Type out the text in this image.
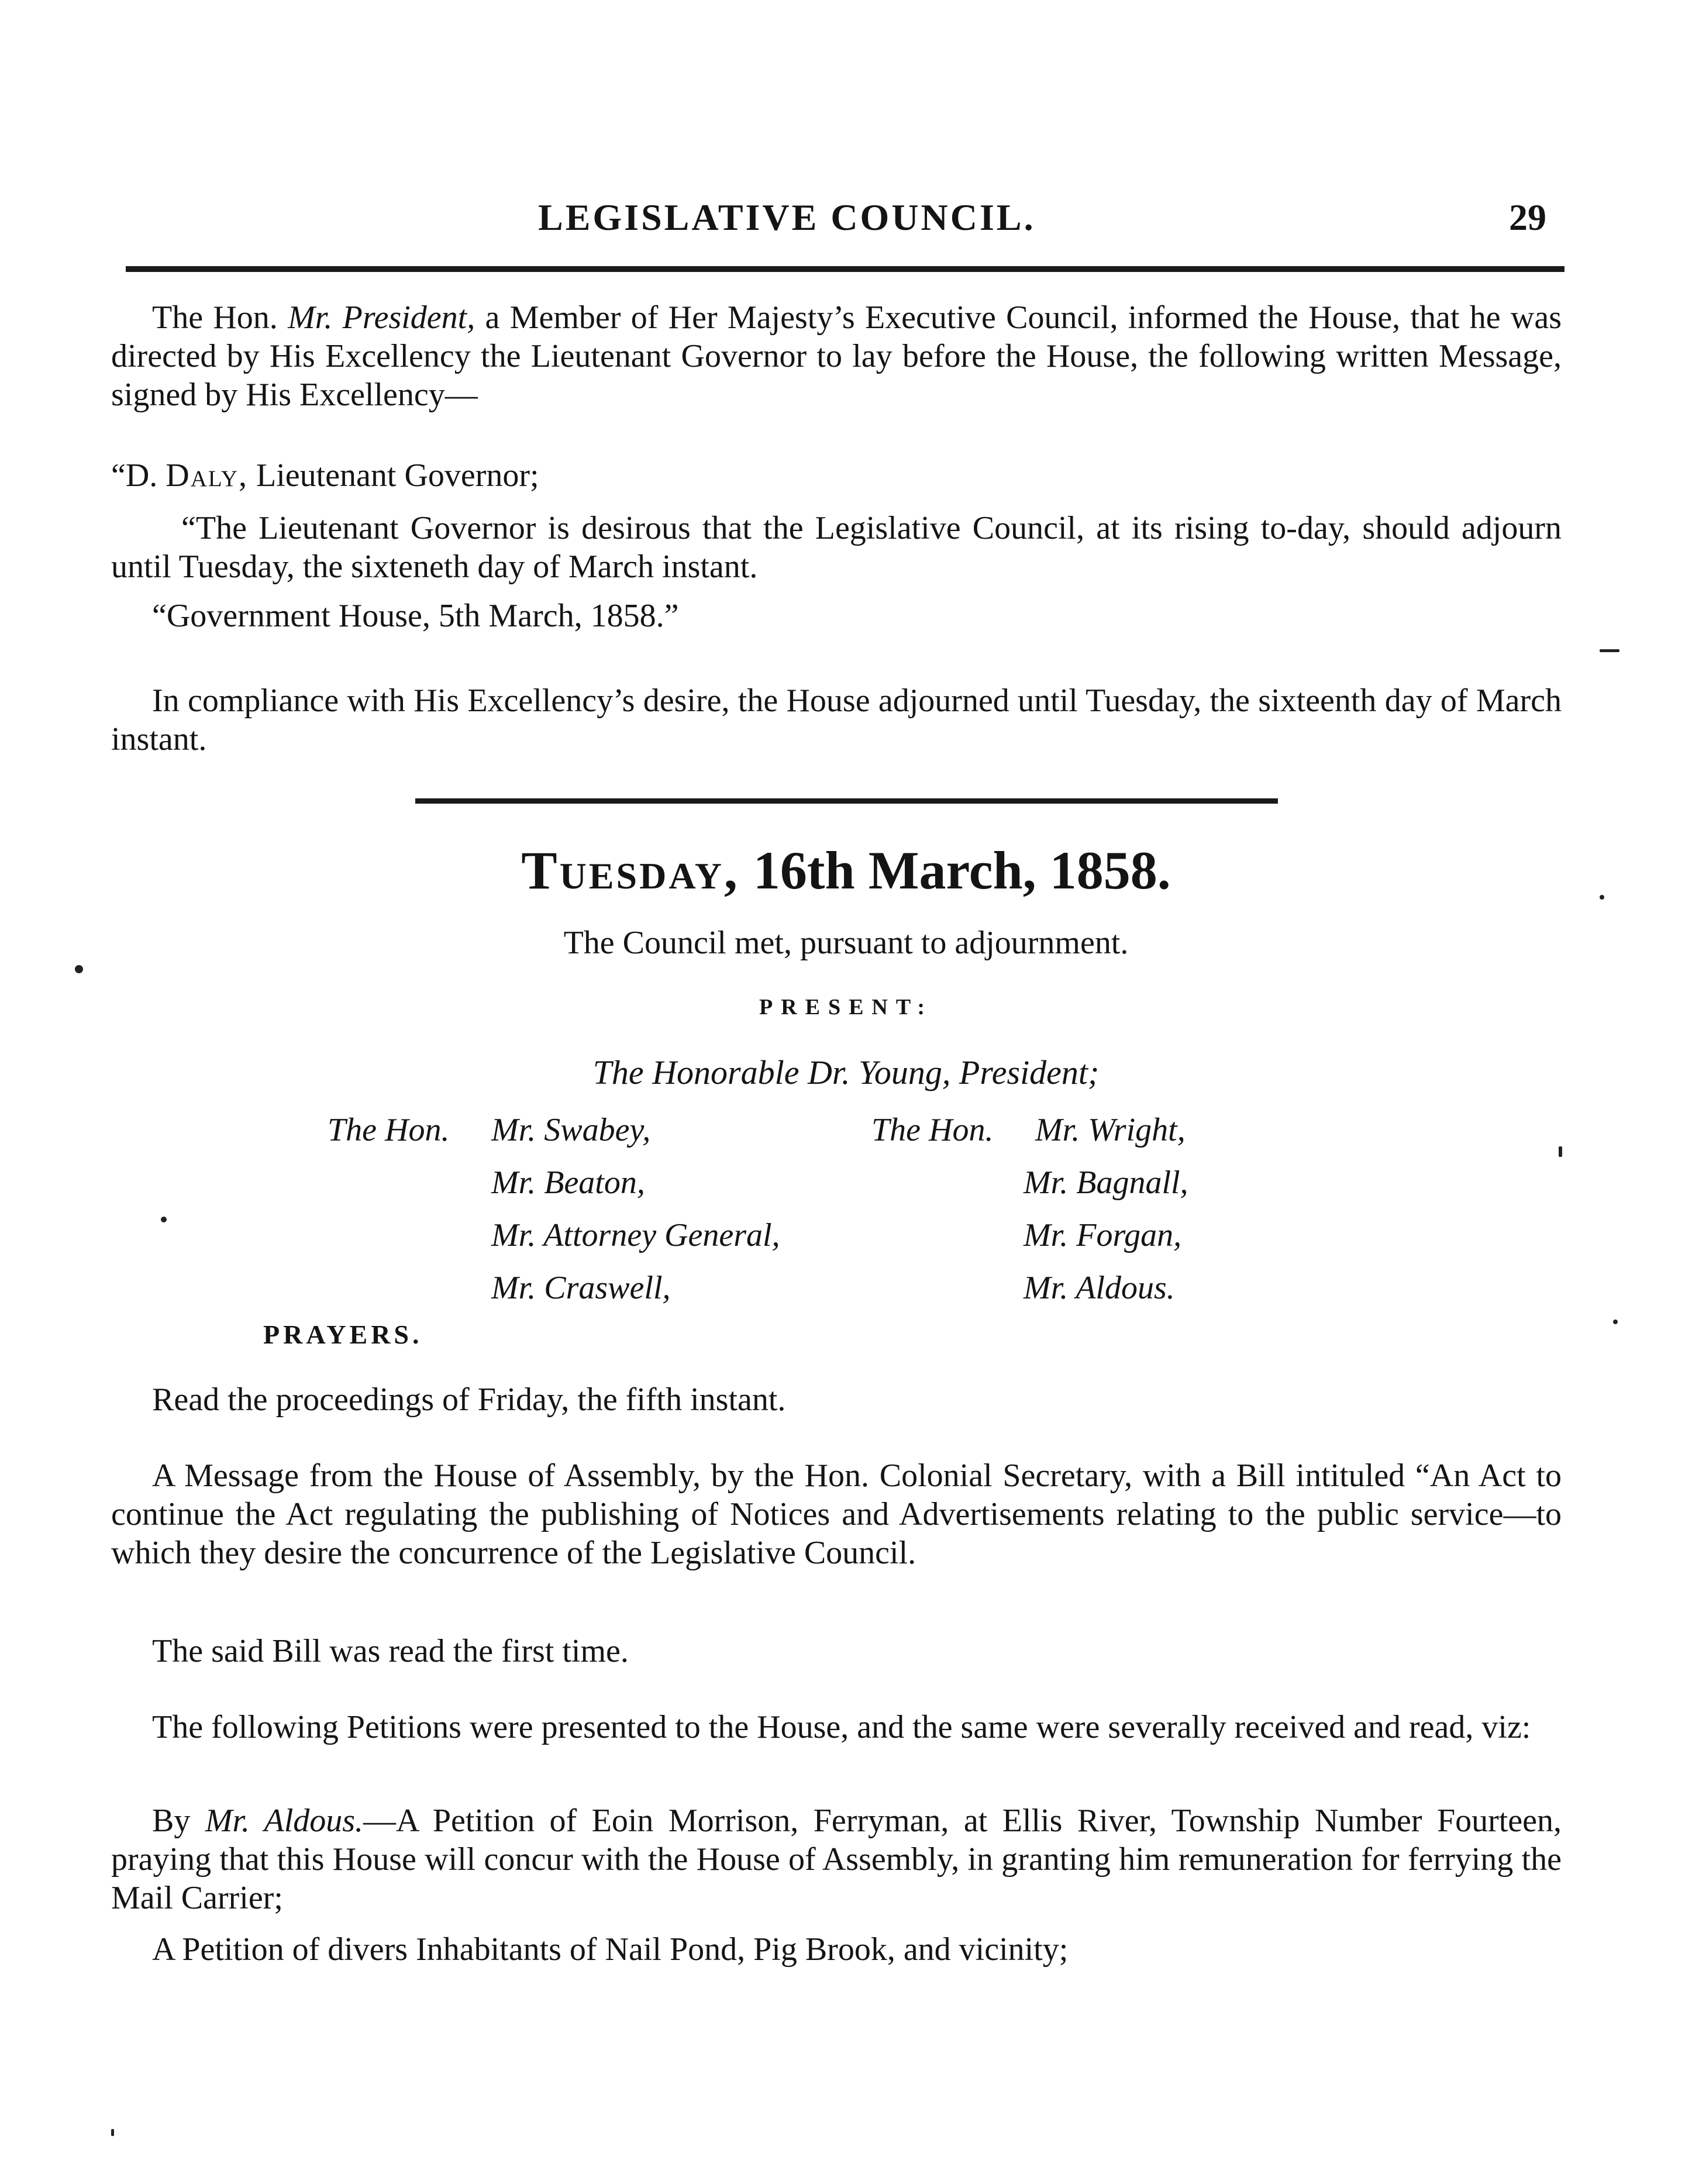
LEGISLATIVE COUNCIL.	29

The Hon. Mr. President, a Member of Her Majesty’s Executive Council, informed the House, that he was directed by His Excellency the Lieutenant Governor to lay before the House, the following written Message, signed by His Excellency—

“D. Daly, Lieutenant Governor;

“The Lieutenant Governor is desirous that the Legislative Council, at its rising to-day, should adjourn until Tuesday, the sixteneth day of March instant.

“Government House, 5th March, 1858.”

In compliance with His Excellency’s desire, the House adjourned until Tuesday, the sixteenth day of March instant.

Tuesday, 16th March, 1858.
The Council met, pursuant to adjournment.
PRESENT:
The Honorable Dr. Young, President;
The Hon. Mr. Swabey,
Mr. Beaton,
Mr. Attorney General,
Mr. Craswell,
The Hon. Mr. Wright,
Mr. Bagnall,
Mr. Forgan,
Mr. Aldous.
PRAYERS.

Read the proceedings of Friday, the fifth instant.

A Message from the House of Assembly, by the Hon. Colonial Secretary, with a Bill intituled “An Act to continue the Act regulating the publishing of Notices and Advertisements relating to the public service—to which they desire the concurrence of the Legislative Council.

The said Bill was read the first time.

The following Petitions were presented to the House, and the same were severally received and read, viz:

By Mr. Aldous.—A Petition of Eoin Morrison, Ferryman, at Ellis River, Township Number Fourteen, praying that this House will concur with the House of Assembly, in granting him remuneration for ferrying the Mail Carrier;

A Petition of divers Inhabitants of Nail Pond, Pig Brook, and vicinity;
